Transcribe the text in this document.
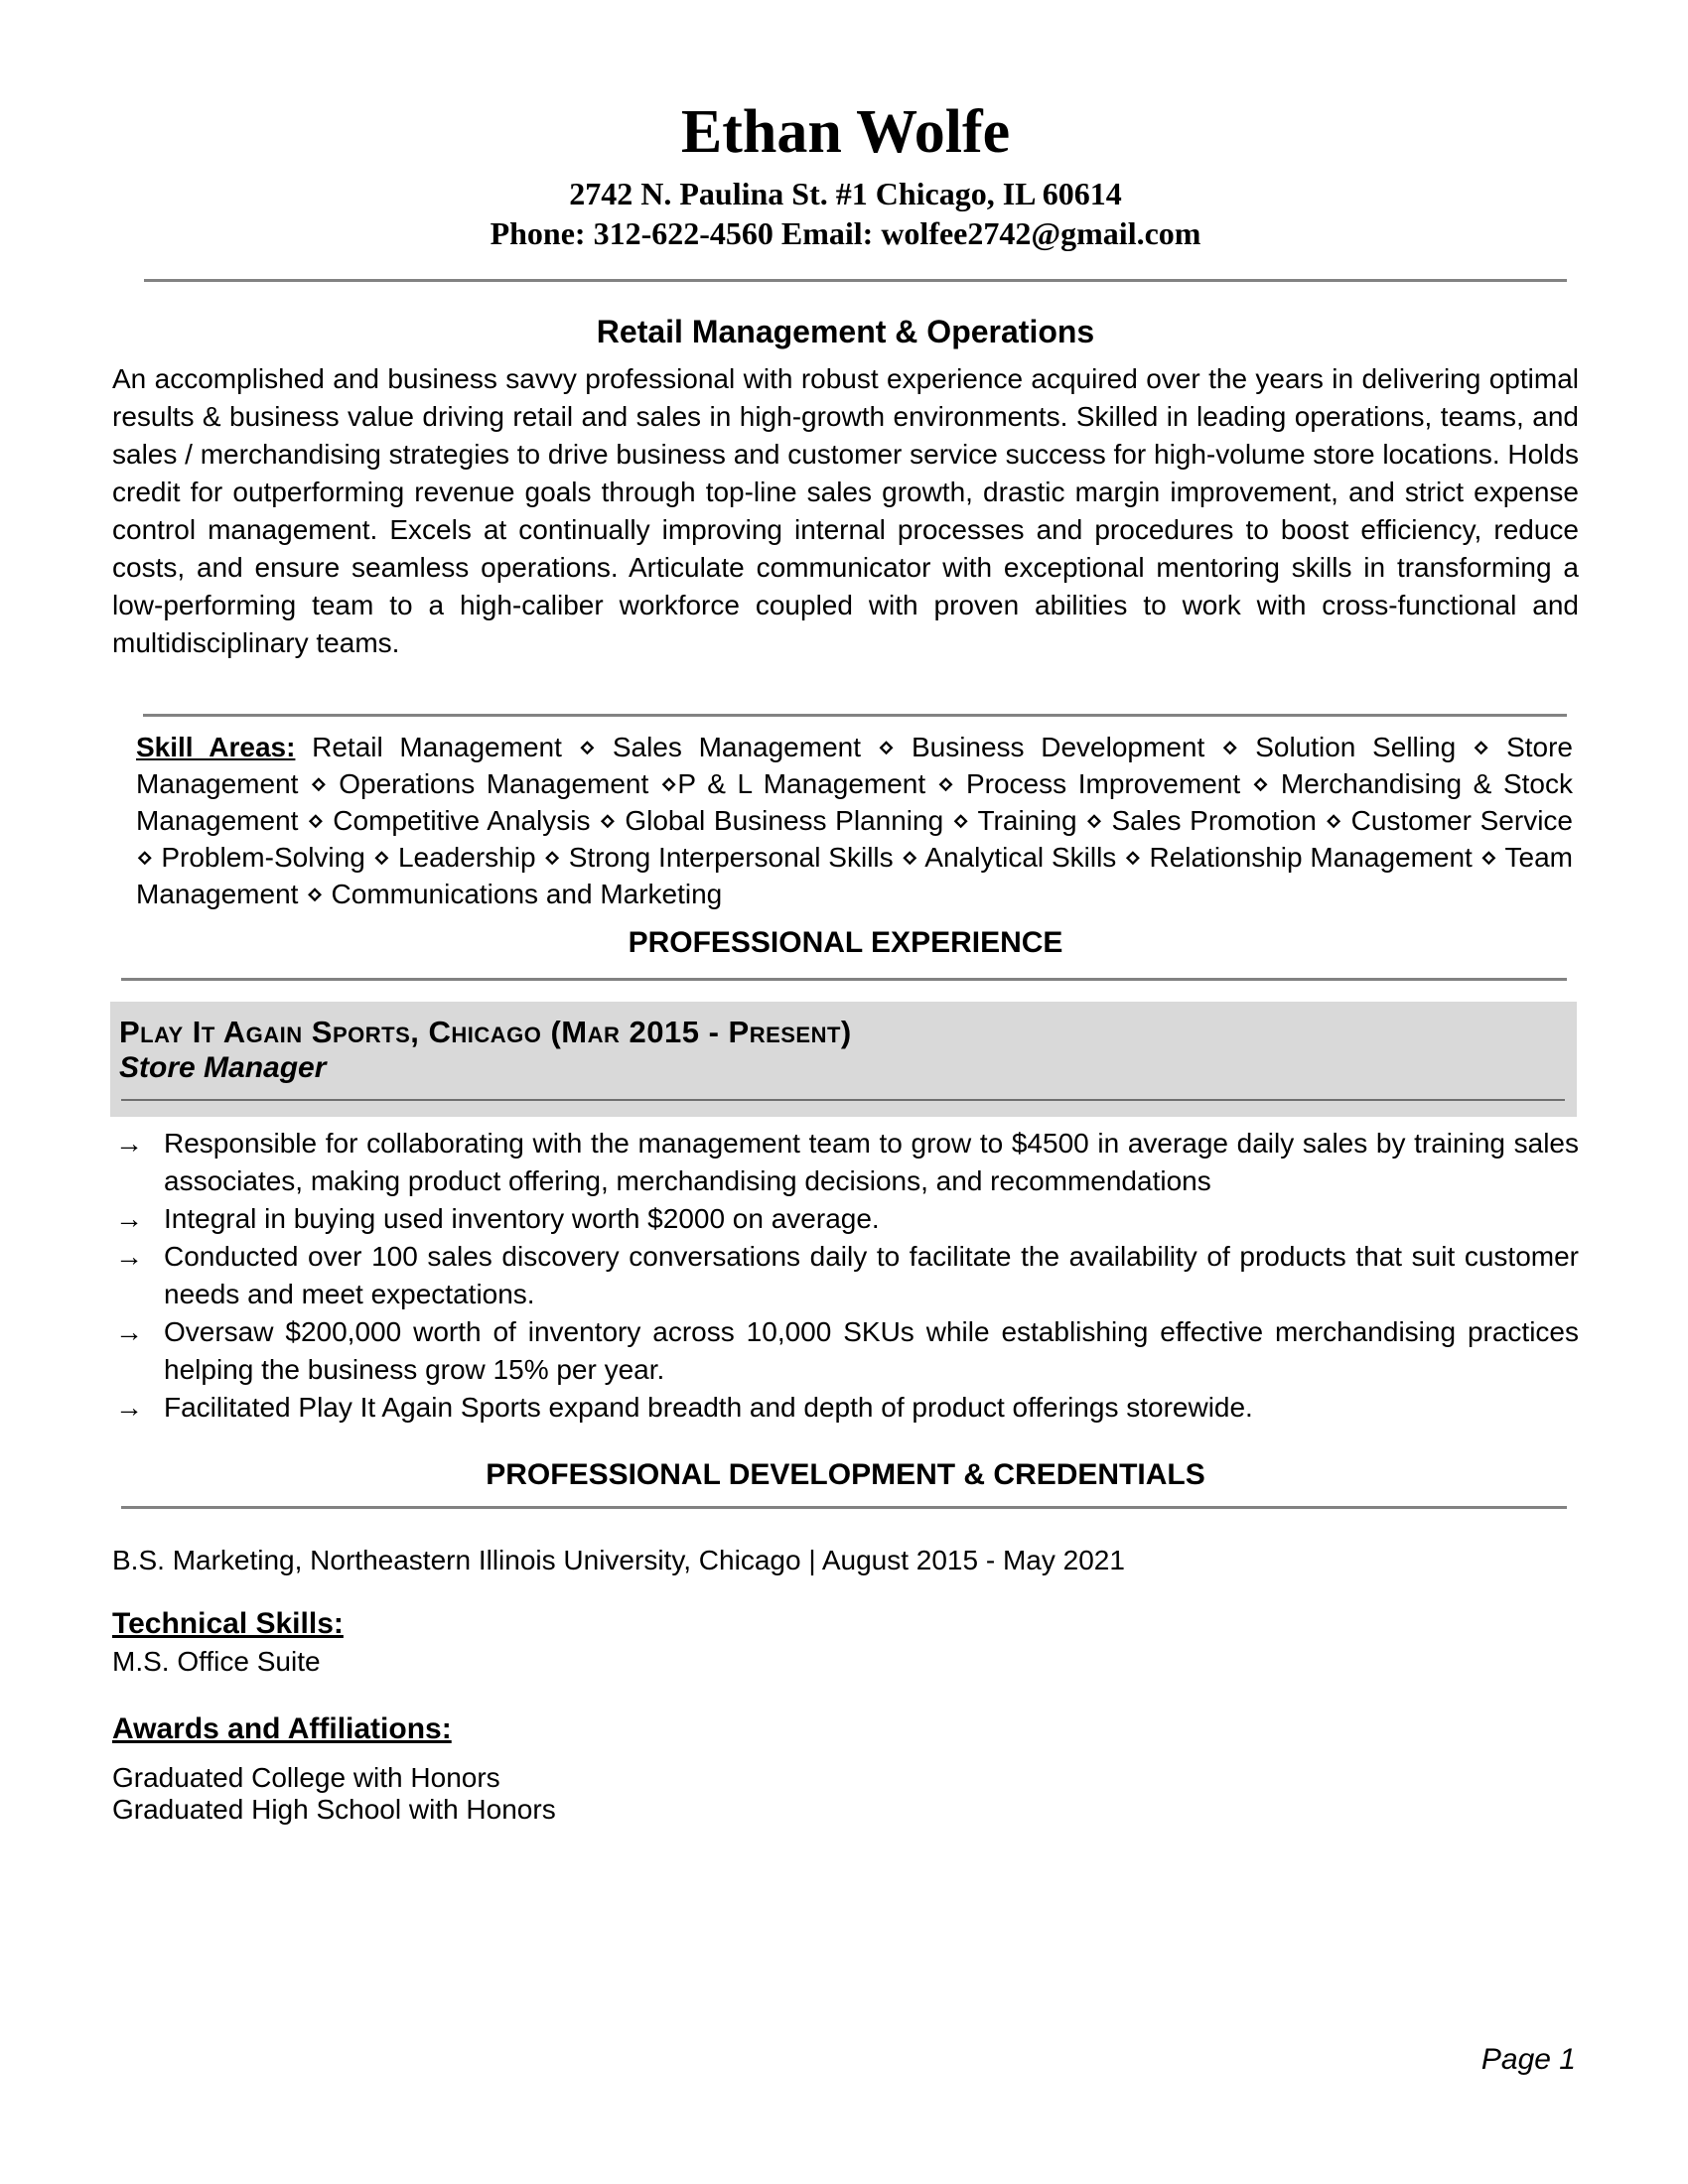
Ethan Wolfe
2742 N. Paulina St. #1 Chicago, IL 60614
Phone: 312-622-4560 Email: wolfee2742@gmail.com
Retail Management & Operations

An accomplished and business savvy professional with robust experience acquired over the years in delivering optimal results & business value driving retail and sales in high-growth environments. Skilled in leading operations, teams, and sales / merchandising strategies to drive business and customer service success for high-volume store locations. Holds credit for outperforming revenue goals through top-line sales growth, drastic margin improvement, and strict expense control management. Excels at continually improving internal processes and procedures to boost efficiency, reduce costs, and ensure seamless operations. Articulate communicator with exceptional mentoring skills in transforming a low-performing team to a high-caliber workforce coupled with proven abilities to work with cross-functional and multidisciplinary teams.

Skill Areas: Retail Management ⋄ Sales Management ⋄ Business Development ⋄ Solution Selling ⋄ Store Management ⋄ Operations Management ⋄P & L Management ⋄ Process Improvement ⋄ Merchandising & Stock Management ⋄ Competitive Analysis ⋄ Global Business Planning ⋄ Training ⋄ Sales Promotion ⋄ Customer Service ⋄ Problem-Solving ⋄ Leadership ⋄ Strong Interpersonal Skills ⋄ Analytical Skills ⋄ Relationship Management ⋄ Team Management ⋄ Communications and Marketing

PROFESSIONAL EXPERIENCE
Play It Again Sports, Chicago (Mar 2015 - Present)
Store Manager
→ Responsible for collaborating with the management team to grow to $4500 in average daily sales by training sales associates, making product offering, merchandising decisions, and recommendations
→ Integral in buying used inventory worth $2000 on average.
→ Conducted over 100 sales discovery conversations daily to facilitate the availability of products that suit customer needs and meet expectations.
→ Oversaw $200,000 worth of inventory across 10,000 SKUs while establishing effective merchandising practices helping the business grow 15% per year.
→ Facilitated Play It Again Sports expand breadth and depth of product offerings storewide.
PROFESSIONAL DEVELOPMENT & CREDENTIALS
B.S. Marketing, Northeastern Illinois University, Chicago | August 2015 - May 2021
Technical Skills:
M.S. Office Suite
Awards and Affiliations:
Graduated College with Honors
Graduated High School with Honors
Page 1
